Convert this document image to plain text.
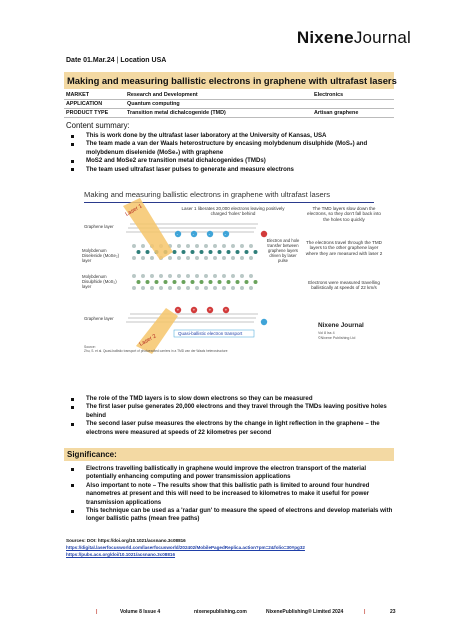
NixeneJournal
Date 01.Mar.24 | Location USA
Making and measuring ballistic electrons in graphene with ultrafast lasers
MARKET	Research and Development	Electronics
APPLICATION	Quantum computing
PRODUCT TYPE	Transition metal dichalcogenide (TMD)	Artisan graphene
Content summary:
This is work done by the ultrafast laser laboratory at the University of Kansas, USA
The team made a van der Waals heterostructure by encasing molybdenum disulphide (MoS₂) and molybdenum diselenide (MoSe₂) with graphene
MoS2 and MoSe2 are transition metal dichalcogenides (TMDs)
The team used ultrafast laser pulses to generate and measure electrons
Making and measuring ballistic electrons in graphene with ultrafast lasers
Graphene layer
Molybdenum Diselenide (MoSe₂) layer
Molybdenum Disulphide (MoS₂) layer
Graphene layer
Laser 1
Laser 2
-	-	-	-
+	+	+	+
Laser 1 liberates 20,000 electrons leaving positively charged 'holes' behind
Electron and hole transfer between graphene layers driven by laser pulse
Quasi-ballistic electron transport
The TMD layers slow down the electrons, so they don't fall back into the holes too quickly
The electrons travel through the TMD layers to the other graphene layer where they are measured with laser 2
Electrons were measured travelling ballistically at speeds of 22 km/s
Nixene Journal
Vol 8 Iss 4
©Nixene Publishing Ltd
Source:
Zhu, S. et al. Quasi-ballistic transport of photoexcited carriers in a TMD van der Waals heterostructure
The role of the TMD layers is to slow down electrons so they can be measured
The first laser pulse generates 20,000 electrons and they travel through the TMDs leaving positive holes behind
The second laser pulse measures the electrons by the change in light reflection in the graphene – the electrons were measured at speeds of 22 kilometres per second
Significance:
Electrons travelling ballistically in graphene would improve the electron transport of the material potentially enhancing computing and power transmission applications
Also important to note – The results show that this ballistic path is limited to around four hundred nanometres at present and this will need to be increased to kilometres to make it useful for power transmission applications
This technique can be used as a 'radar gun' to measure the speed of electrons and develop materials with longer ballistic paths (mean free paths)
Sources: DOI: https://doi.org/10.1021/acsnano.3c08816
https://digital.laserfocusworld.com/laserfocusworld/202402/MobilePagedReplica.action?pm=2&folio=30#pg32
https://pubs.acs.org/doi/10.1021/acsnano.3c08816
|	Volume 8 Issue 4	nixenepublishing.com	NixenePublishing® Limited 2024	|	23
